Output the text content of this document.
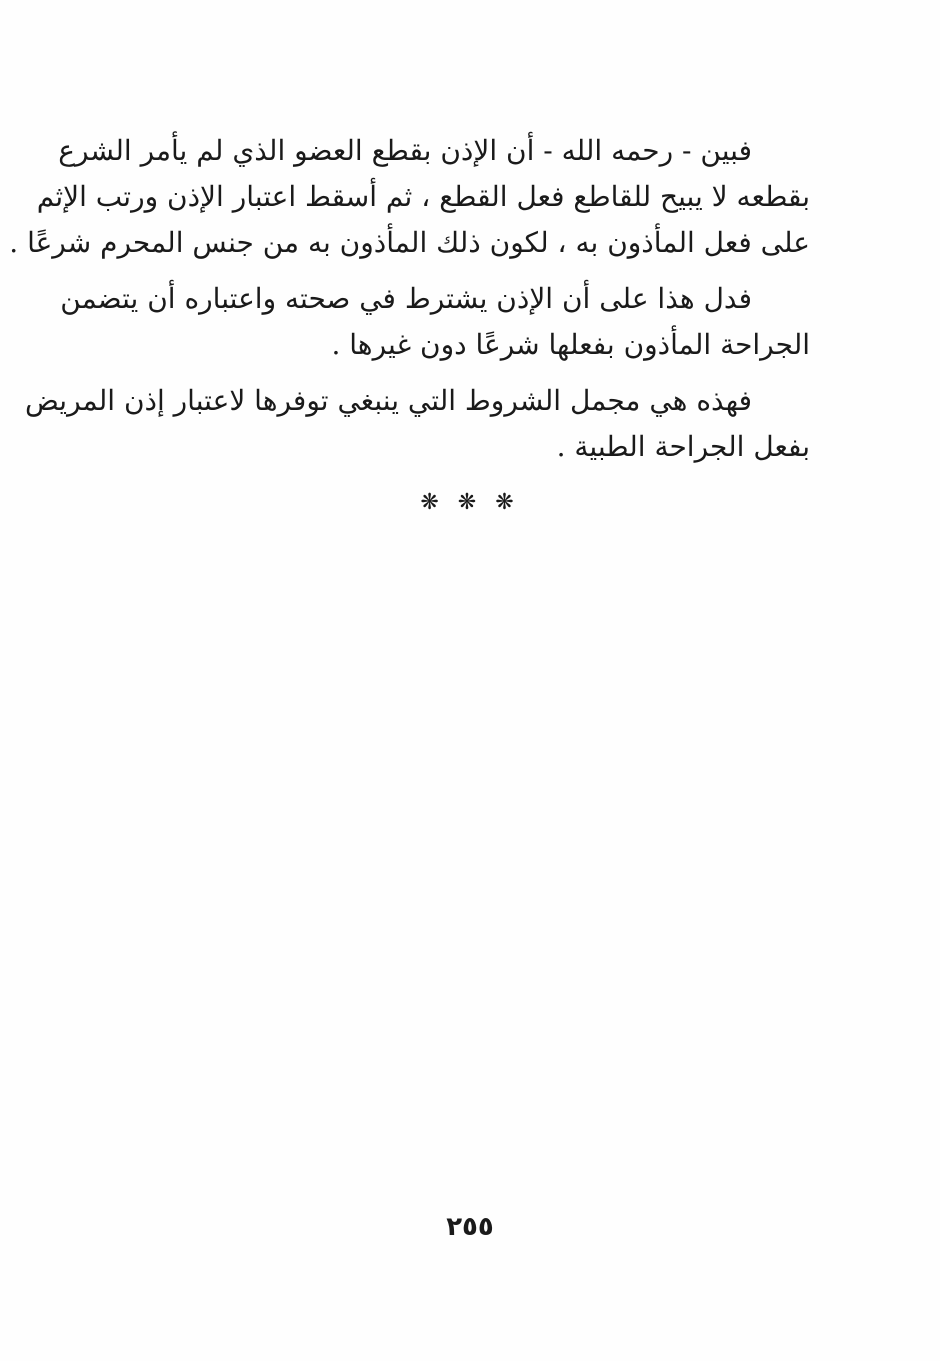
فبين - رحمه الله - أن الإذن بقطع العضو الذي لم يأمر الشرع
بقطعه لا يبيح للقاطع فعل القطع ، ثم أسقط اعتبار الإذن ورتب الإثم
على فعل المأذون به ، لكون ذلك المأذون به من جنس المحرم شرعًا .
فدل هذا على أن الإذن يشترط في صحته واعتباره أن يتضمن
الجراحة المأذون بفعلها شرعًا دون غيرها .
فهذه هي مجمل الشروط التي ينبغي توفرها لاعتبار إذن المريض
بفعل الجراحة الطبية .
❋ ❋ ❋
٢٥٥
